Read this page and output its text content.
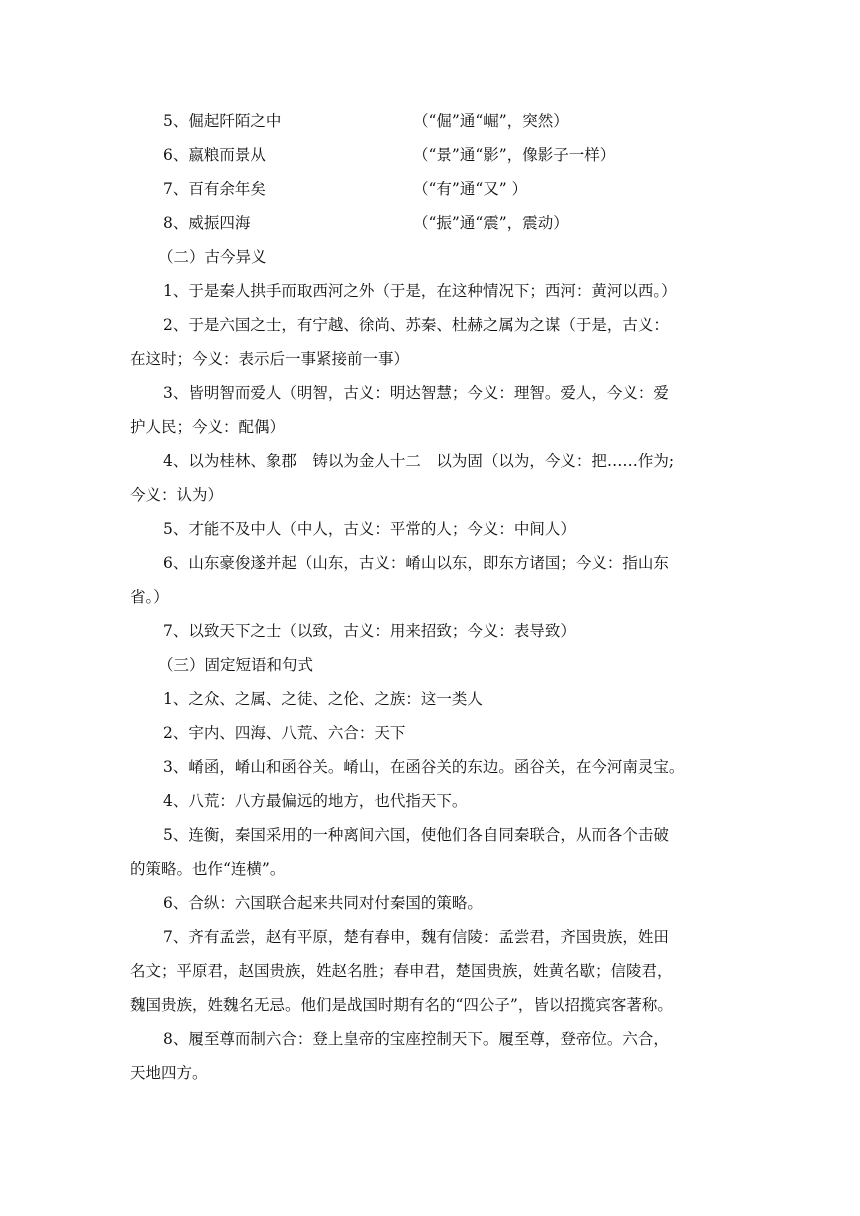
5、倔起阡陌之中	（“倔”通“崛”，突然）
6、嬴粮而景从	（“景”通“影”，像影子一样）
7、百有余年矣	（“有”通“又” ）
8、威振四海	（“振”通“震”，震动）
（二）古今异义
1、于是秦人拱手而取西河之外（于是，在这种情况下；西河：黄河以西。）
2、于是六国之士，有宁越、徐尚、苏秦、杜赫之属为之谋（于是，古义：
在这时；今义：表示后一事紧接前一事）
3、皆明智而爱人（明智，古义：明达智慧；今义：理智。爱人，今义：爱
护人民；今义：配偶）
4、以为桂林、象郡　铸以为金人十二　以为固（以为，今义：把……作为;
今义：认为）
5、才能不及中人（中人，古义：平常的人；今义：中间人）
6、山东豪俊遂并起（山东，古义：崤山以东，即东方诸国；今义：指山东
省。）
7、以致天下之士（以致，古义：用来招致；今义：表导致）
（三）固定短语和句式
1、之众、之属、之徒、之伦、之族：这一类人
2、宇内、四海、八荒、六合：天下
3、崤函，崤山和函谷关。崤山，在函谷关的东边。函谷关，在今河南灵宝。
4、八荒：八方最偏远的地方，也代指天下。
5、连衡，秦国采用的一种离间六国，使他们各自同秦联合，从而各个击破
的策略。也作“连横”。
6、合纵：六国联合起来共同对付秦国的策略。
7、齐有孟尝，赵有平原，楚有春申，魏有信陵：孟尝君，齐国贵族，姓田
名文；平原君，赵国贵族，姓赵名胜；春申君，楚国贵族，姓黄名歇；信陵君，
魏国贵族，姓魏名无忌。他们是战国时期有名的“四公子”，皆以招揽宾客著称。
8、履至尊而制六合：登上皇帝的宝座控制天下。履至尊，登帝位。六合，
天地四方。
